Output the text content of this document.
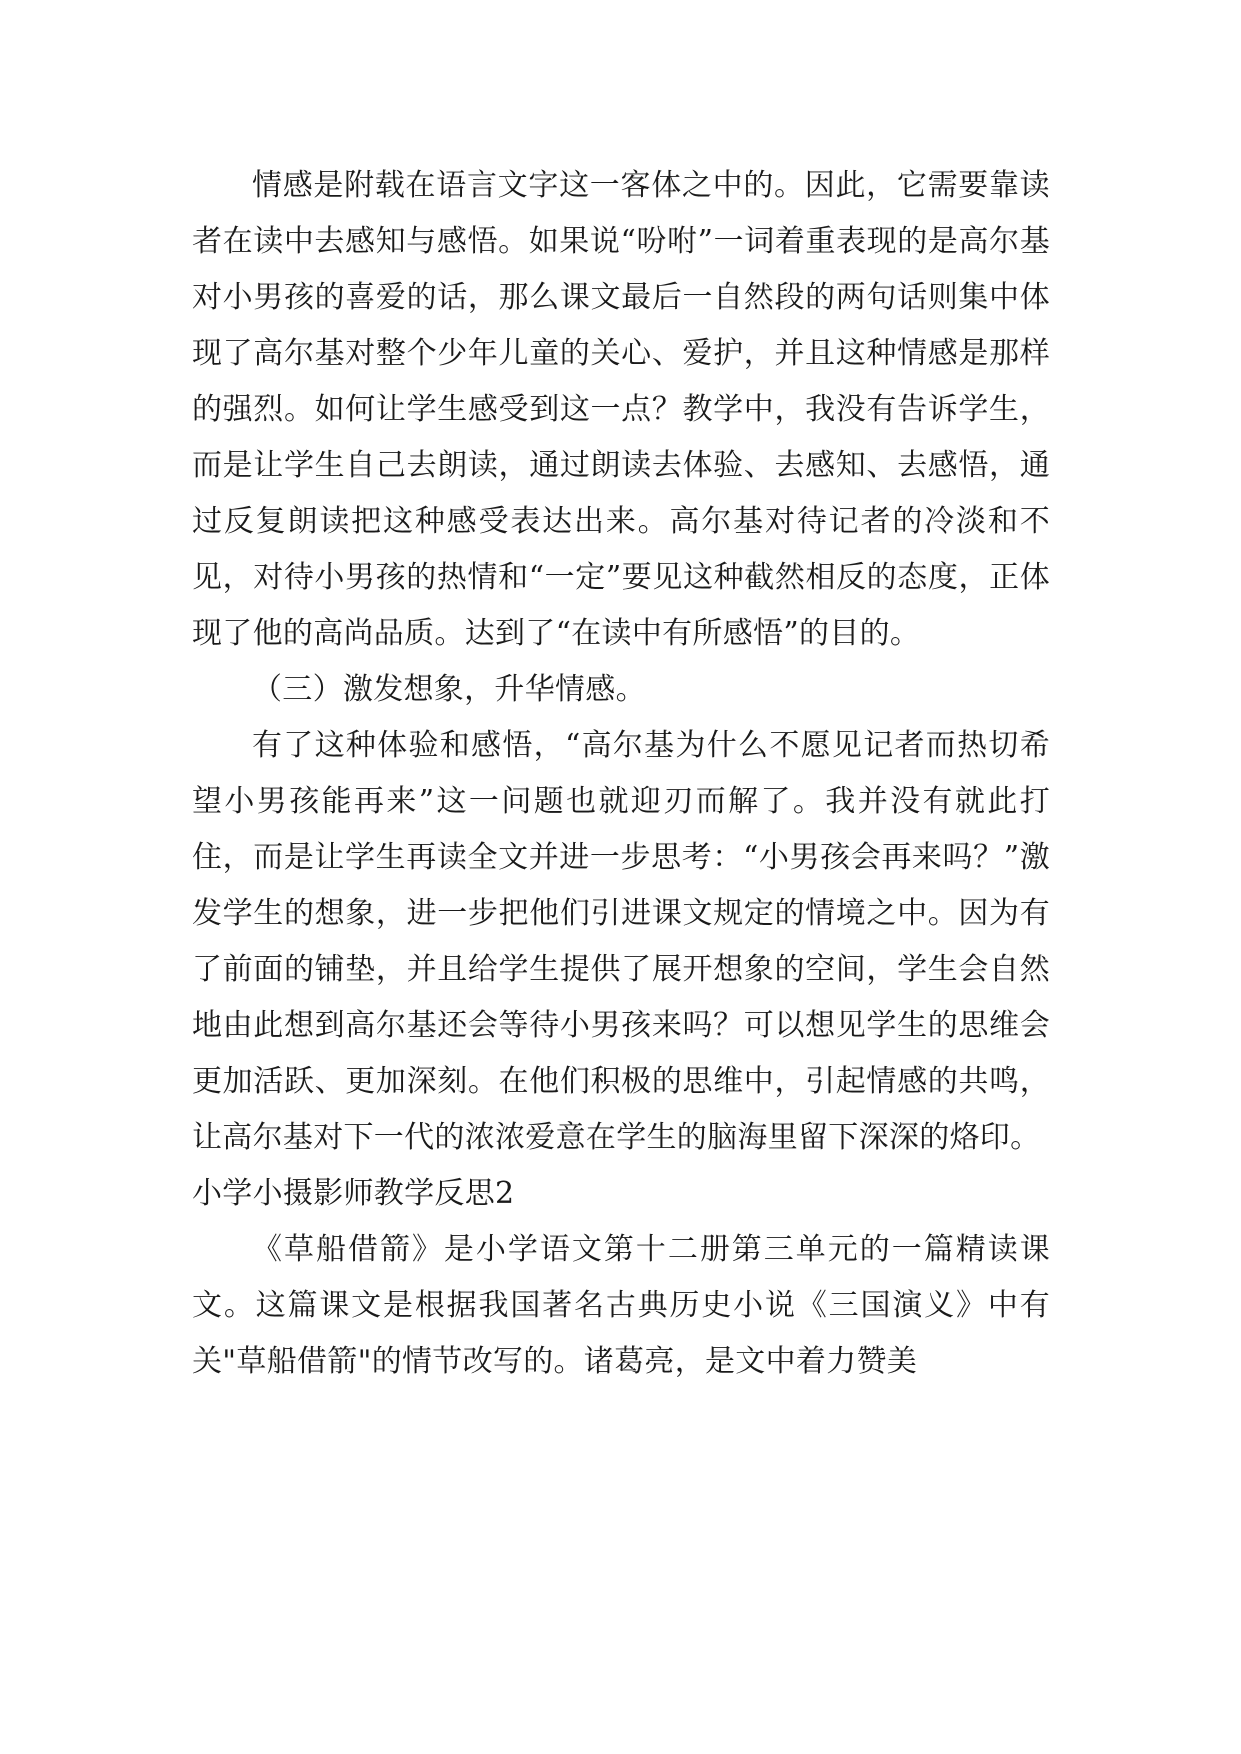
情感是附载在语言文字这一客体之中的。因此，它需要靠读者在读中去感知与感悟。如果说“吩咐”一词着重表现的是高尔基对小男孩的喜爱的话，那么课文最后一自然段的两句话则集中体现了高尔基对整个少年儿童的关心、爱护，并且这种情感是那样的强烈。如何让学生感受到这一点？教学中，我没有告诉学生，而是让学生自己去朗读，通过朗读去体验、去感知、去感悟，通过反复朗读把这种感受表达出来。高尔基对待记者的冷淡和不见，对待小男孩的热情和“一定”要见这种截然相反的态度，正体现了他的高尚品质。达到了“在读中有所感悟”的目的。

（三）激发想象，升华情感。

有了这种体验和感悟，“高尔基为什么不愿见记者而热切希望小男孩能再来”这一问题也就迎刃而解了。我并没有就此打住，而是让学生再读全文并进一步思考：“小男孩会再来吗？”激发学生的想象，进一步把他们引进课文规定的情境之中。因为有了前面的铺垫，并且给学生提供了展开想象的空间，学生会自然地由此想到高尔基还会等待小男孩来吗？可以想见学生的思维会更加活跃、更加深刻。在他们积极的思维中，引起情感的共鸣，让高尔基对下一代的浓浓爱意在学生的脑海里留下深深的烙印。

小学小摄影师教学反思2

《草船借箭》是小学语文第十二册第三单元的一篇精读课文。这篇课文是根据我国著名古典历史小说《三国演义》中有关"草船借箭"的情节改写的。诸葛亮，是文中着力赞美
